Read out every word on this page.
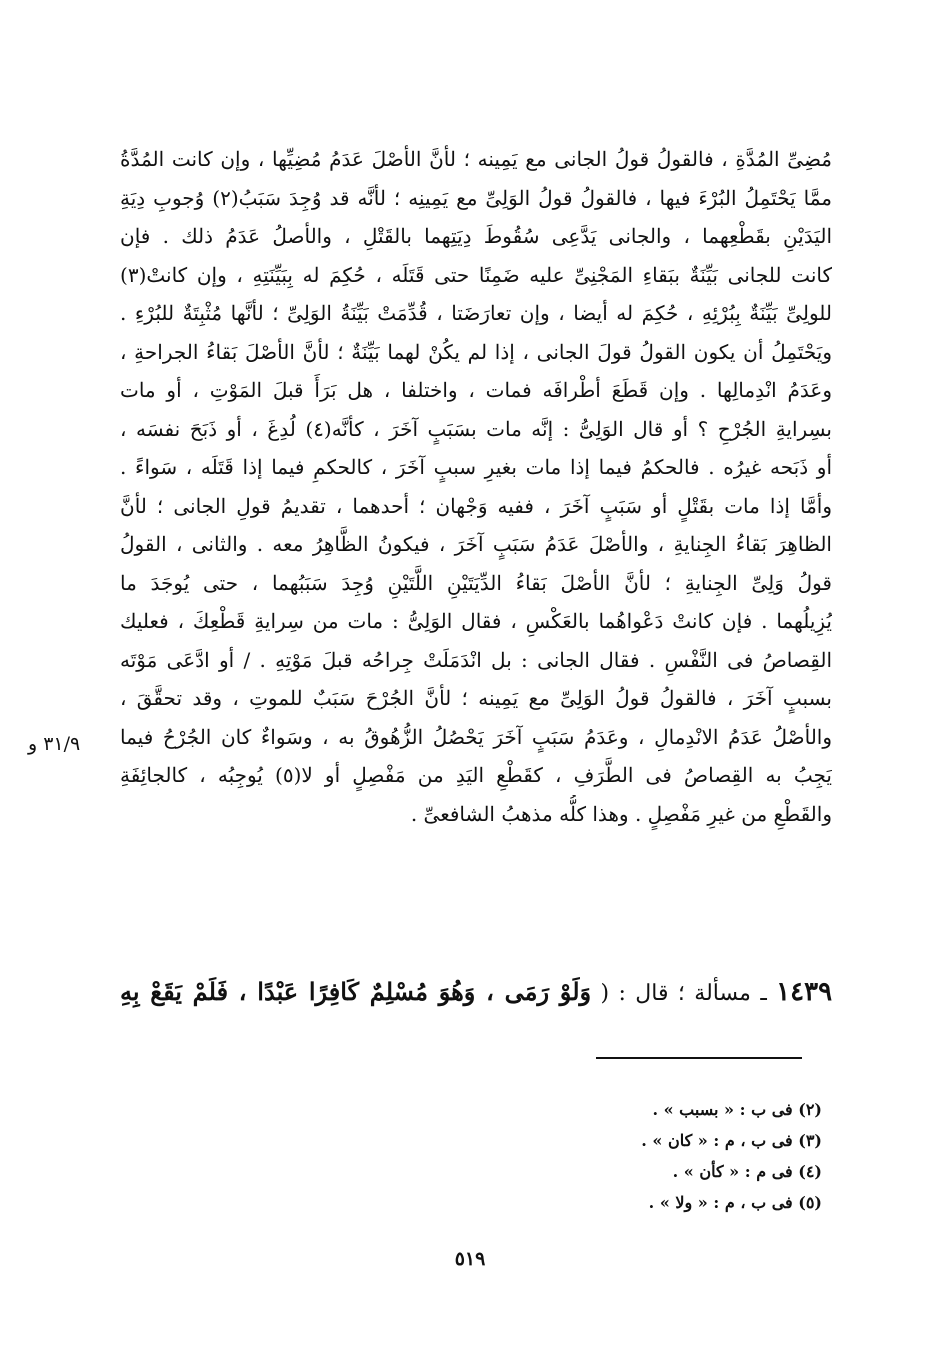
مُضِىِّ المُدَّةِ ، فالقولُ قولُ الجانى مع يَمِينه ؛ لأنَّ الأصْلَ عَدَمُ مُضِيِّها ، وإن كانت المُدَّةُ
ممَّا يَحْتَمِلُ البُرْءَ فيها ، فالقولُ قولُ الوَلِىِّ مع يَمِينِه ؛ لأنَّه قد وُجِدَ سَبَبُ(٢) وُجوبِ دِيَةِ
اليَدَيْنِ بقَطْعِهما ، والجانى يَدَّعِى سُقُوطَ دِيَتِهما بالقَتْلِ ، والأصلُ عَدَمُ ذلك . فإن
كانت للجانى بَيِّنَةٌ ببَقاءِ المَجْنِىِّ عليه ضَمِنًا حتى قَتَلَه ، حُكِمَ له بِبَيِّنَتِهِ ، وإن كانتْ(٣)
للولِىِّ بَيِّنَةٌ بِبُرْئِهِ ، حُكِمَ له أيضا ، وإن تعارَضَتا ، قُدِّمَتْ بَيِّنَةُ الوَلِىِّ ؛ لأنَّها مُثْبِتَةٌ للبُرْءِ .
ويَحْتَمِلُ أن يكون القولُ قولَ الجانى ، إذا لم يكُنْ لهما بَيِّنَةٌ ؛ لأنَّ الأصْلَ بَقاءُ الجراحةِ ،
وعَدَمُ انْدِمالِها . وإن قَطَعَ أطْرافَه فمات ، واختلفا ، هل بَرَأَ قبلَ المَوْتِ ، أو مات
بسِرايةِ الجُرْحِ ؟ أو قال الوَلِىُّ : إنَّه مات بسَبَبٍ آخَرَ ، كأنَّه(٤) لُدِغَ ، أو ذَبَحَ نفسَه ،
أو ذَبَحه غيرُه . فالحكمُ فيما إذا مات بغيرِ سببٍ آخَرَ ، كالحكمِ فيما إذا قَتَلَه ، سَواءً .
وأمَّا إذا مات بقَتْلٍ أو سَبَبٍ آخَرَ ، ففيه وَجْهان ؛ أحدهما ، تقديمُ قولِ الجانى ؛ لأنَّ
الظاهِرَ بَقاءُ الجِنايةِ ، والأصْلَ عَدَمُ سَبَبٍ آخَرَ ، فيكونُ الظَّاهِرُ معه . والثانى ، القولُ
قولُ وَلِىِّ الجِنايةِ ؛ لأنَّ الأصْلَ بَقاءُ الدِّيَتَيْنِ اللَّتَيْنِ وُجِدَ سَبَبُهما ، حتى يُوجَدَ ما
يُزِيلُهما . فإن كانتْ دَعْواهُما بالعَكْسِ ، فقال الوَلِىُّ : مات من سِرايةِ قَطْعِكَ ، فعليك
القِصاصُ فى النَّفْسِ . فقال الجانى : بل انْدَمَلَتْ جِراحُه قبلَ مَوْتِهِ . / أو ادَّعَى مَوْتَه
بسببٍ آخَرَ ، فالقولُ قولُ الوَلِىِّ مع يَمِينه ؛ لأنَّ الجُرْحَ سَبَبٌ للموتِ ، وقد تحقَّقَ ،
والأصْلُ عَدَمُ الانْدِمالِ ، وعَدَمُ سَبَبٍ آخَرَ يَحْصُلُ الزُّهُوقُ به ، وسَواءٌ كان الجُرْحُ فيما
يَجِبُ به القِصاصُ فى الطَّرَفِ ، كقَطْعِ اليَدِ من مَفْصِلٍ أو لا(٥) يُوجِبُه ، كالجائِفَةِ
والقَطْعِ من غيرِ مَفْصِلٍ . وهذا كلُّه مذهبُ الشافعىِّ .
٣١/٩ و
١٤٣٩ ـ مسألة ؛ قال : ( وَلَوْ رَمَى ، وَهُوَ مُسْلِمٌ كَافِرًا عَبْدًا ، فَلَمْ يَقَعْ بِهِ
(٢) فى ب : « بسبب » .
(٣) فى ب ، م : « كان » .
(٤) فى م : « كأن » .
(٥) فى ب ، م : « ولا » .
٥١٩
